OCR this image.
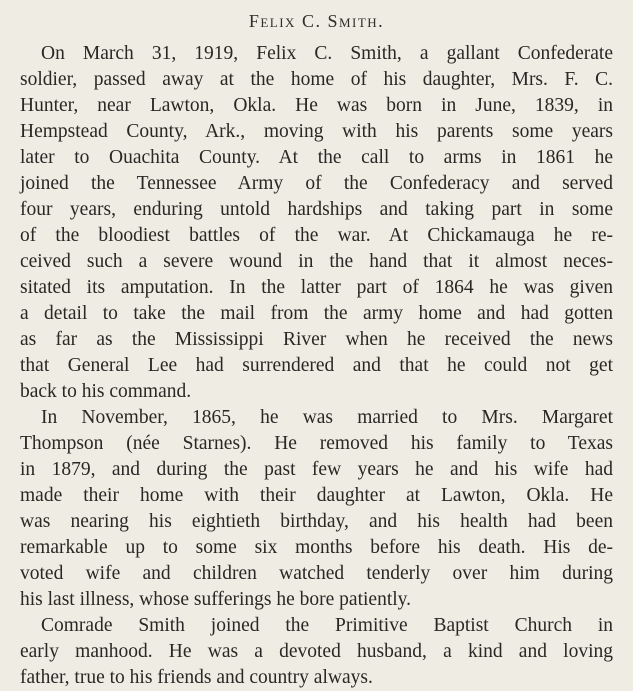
Felix C. Smith.
On March 31, 1919, Felix C. Smith, a gallant Confederate
soldier, passed away at the home of his daughter, Mrs. F. C.
Hunter, near Lawton, Okla. He was born in June, 1839, in
Hempstead County, Ark., moving with his parents some years
later to Ouachita County. At the call to arms in 1861 he
joined the Tennessee Army of the Confederacy and served
four years, enduring untold hardships and taking part in some
of the bloodiest battles of the war. At Chickamauga he re-
ceived such a severe wound in the hand that it almost neces-
sitated its amputation. In the latter part of 1864 he was given
a detail to take the mail from the army home and had gotten
as far as the Mississippi River when he received the news
that General Lee had surrendered and that he could not get
back to his command.
In November, 1865, he was married to Mrs. Margaret
Thompson (née Starnes). He removed his family to Texas
in 1879, and during the past few years he and his wife had
made their home with their daughter at Lawton, Okla. He
was nearing his eightieth birthday, and his health had been
remarkable up to some six months before his death. His de-
voted wife and children watched tenderly over him during
his last illness, whose sufferings he bore patiently.
Comrade Smith joined the Primitive Baptist Church in
early manhood. He was a devoted husband, a kind and loving
father, true to his friends and country always.
